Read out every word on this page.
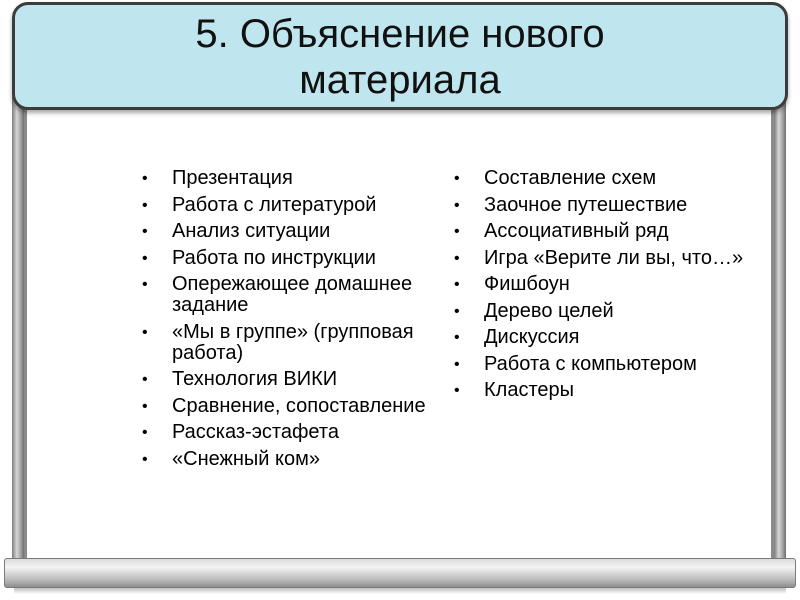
5. Объяснение нового материала
• Презентация
• Работа с литературой
• Анализ ситуации
• Работа по инструкции
• Опережающее домашнее задание
• «Мы в группе» (групповая работа)
• Технология ВИКИ
• Сравнение, сопоставление
• Рассказ-эстафета
• «Снежный ком»
• Составление схем
• Заочное путешествие
• Ассоциативный ряд
• Игра «Верите ли вы, что…»
• Фишбоун
• Дерево целей
• Дискуссия
• Работа с компьютером
• Кластеры
